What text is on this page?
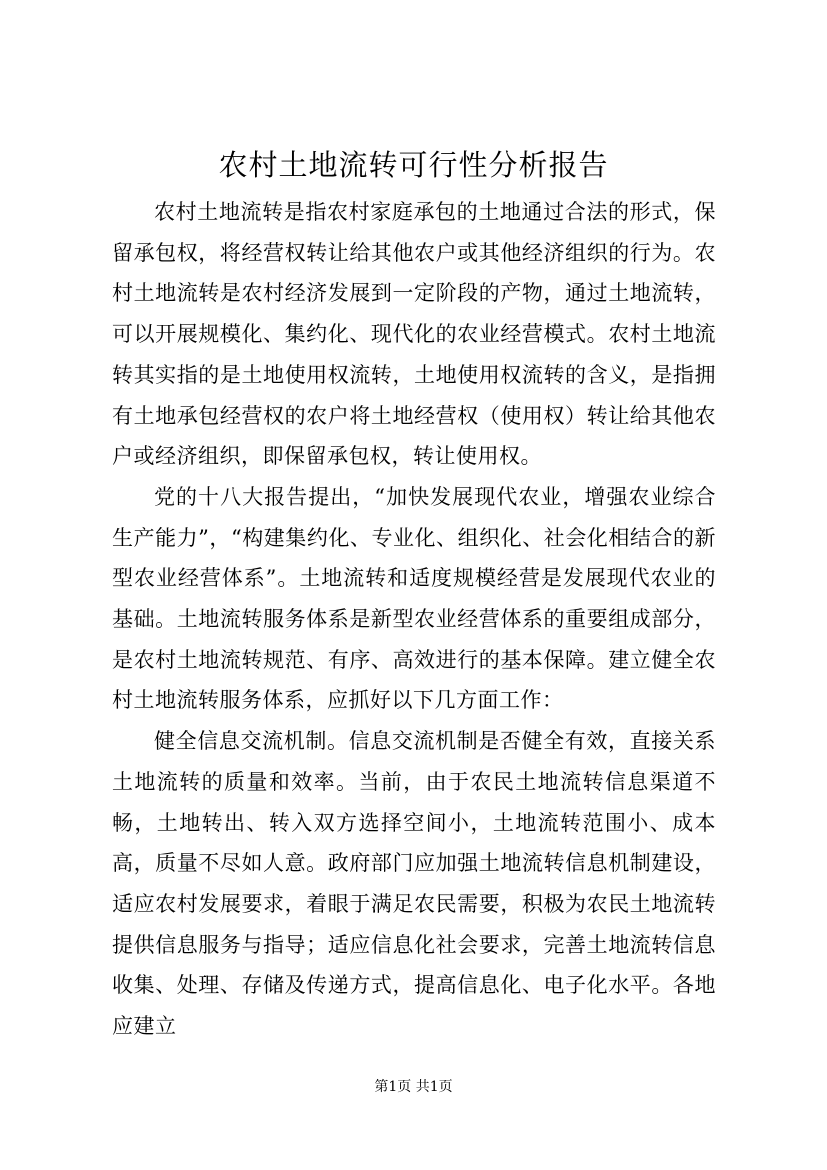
农村土地流转可行性分析报告

农村土地流转是指农村家庭承包的土地通过合法的形式，保留承包权，将经营权转让给其他农户或其他经济组织的行为。农村土地流转是农村经济发展到一定阶段的产物，通过土地流转，可以开展规模化、集约化、现代化的农业经营模式。农村土地流转其实指的是土地使用权流转，土地使用权流转的含义，是指拥有土地承包经营权的农户将土地经营权（使用权）转让给其他农户或经济组织，即保留承包权，转让使用权。

党的十八大报告提出，“加快发展现代农业，增强农业综合生产能力”，“构建集约化、专业化、组织化、社会化相结合的新型农业经营体系”。土地流转和适度规模经营是发展现代农业的基础。土地流转服务体系是新型农业经营体系的重要组成部分，是农村土地流转规范、有序、高效进行的基本保障。建立健全农村土地流转服务体系，应抓好以下几方面工作：

健全信息交流机制。信息交流机制是否健全有效，直接关系土地流转的质量和效率。当前，由于农民土地流转信息渠道不畅，土地转出、转入双方选择空间小，土地流转范围小、成本高，质量不尽如人意。政府部门应加强土地流转信息机制建设，适应农村发展要求，着眼于满足农民需要，积极为农民土地流转提供信息服务与指导；适应信息化社会要求，完善土地流转信息收集、处理、存储及传递方式，提高信息化、电子化水平。各地应建立

第1页 共1页
